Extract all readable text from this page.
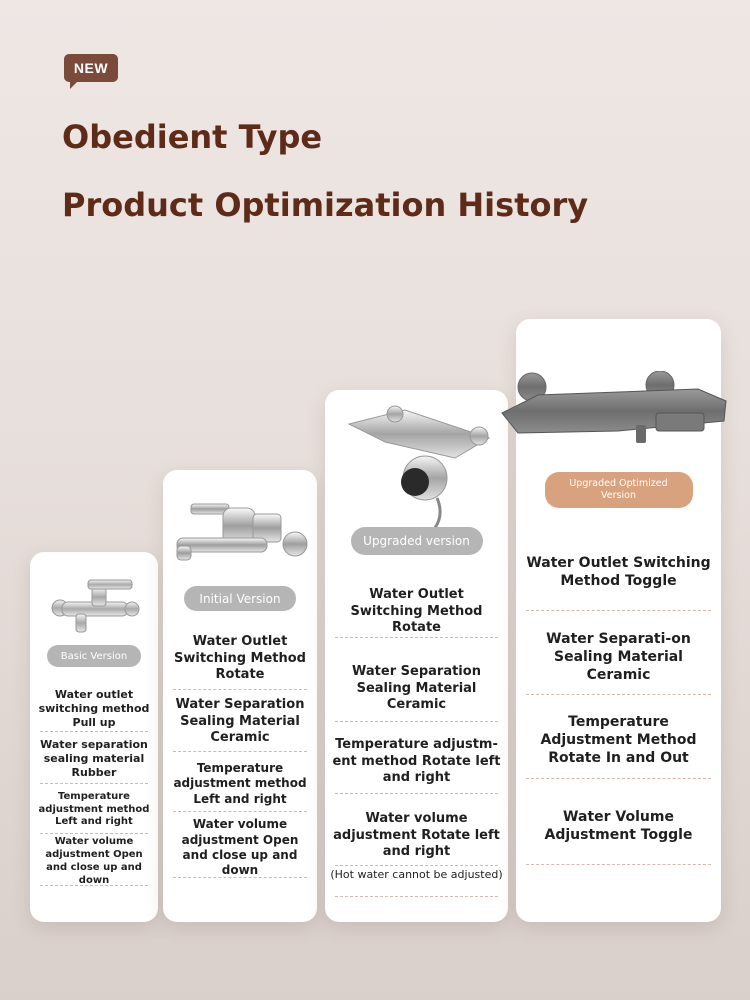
NEW
Obedient Type
Product Optimization History
Basic Version
Water outlet switching method Pull up
Water separation sealing material Rubber
Temperature adjustment method Left and right
Water volume adjustment Open and close up and down
Initial Version
Water Outlet Switching Method Rotate
Water Separation Sealing Material Ceramic
Temperature adjustment method Left and right
Water volume adjustment Open and close up and down
Upgraded version
Water Outlet Switching Method Rotate
Water Separation Sealing Material Ceramic
Temperature adjustm-ent method Rotate left and right
Water volume adjustment Rotate left and right
(Hot water cannot be adjusted)
Upgraded Optimized Version
Water Outlet Switching Method Toggle
Water Separati-on Sealing Material Ceramic
Temperature Adjustment Method Rotate In and Out
Water Volume Adjustment Toggle
